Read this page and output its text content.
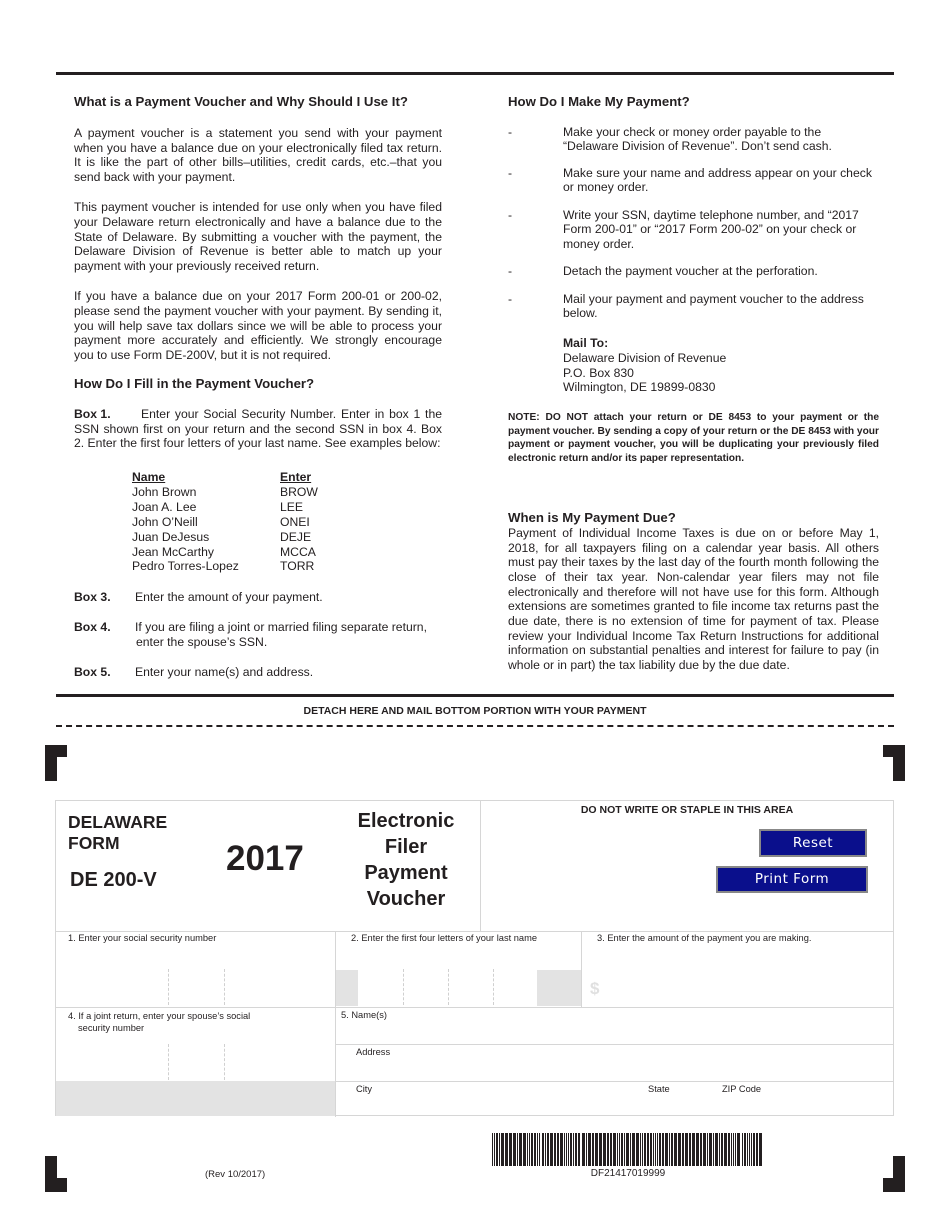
What is a Payment Voucher and Why Should I Use It?

A payment voucher is a statement you send with your payment when you have a balance due on your electronically filed tax return. It is like the part of other bills–utilities, credit cards, etc.–that you send back with your payment.

This payment voucher is intended for use only when you have filed your Delaware return electronically and have a balance due to the State of Delaware. By submitting a voucher with the payment, the Delaware Division of Revenue is better able to match up your payment with your previously received return.

If you have a balance due on your 2017 Form 200-01 or 200-02, please send the payment voucher with your payment. By sending it, you will help save tax dollars since we will be able to process your payment more accurately and efficiently. We strongly encourage you to use Form DE-200V, but it is not required.

How Do I Fill in the Payment Voucher?

Box 1. Enter your Social Security Number. Enter in box 1 the SSN shown first on your return and the second SSN in box 4. Box 2. Enter the first four letters of your last name. See examples below:

Name	Enter
John Brown	BROW
Joan A. Lee	LEE
John O’Neill	ONEI
Juan DeJesus	DEJE
Jean McCarthy	MCCA
Pedro Torres-Lopez	TORR
Box 3. Enter the amount of your payment.
Box 4. If you are filing a joint or married filing separate return,
enter the spouse’s SSN.
Box 5. Enter your name(s) and address.
How Do I Make My Payment?
-	Make your check or money order payable to the “Delaware Division of Revenue”. Don’t send cash.
-	Make sure your name and address appear on your check or money order.
-	Write your SSN, daytime telephone number, and “2017 Form 200-01” or “2017 Form 200-02” on your check or money order.
-	Detach the payment voucher at the perforation.
-	Mail your payment and payment voucher to the address below.
Mail To:
Delaware Division of Revenue
P.O. Box 830
Wilmington, DE 19899-0830
NOTE: DO NOT attach your return or DE 8453 to your payment or the payment voucher. By sending a copy of your return or the DE 8453 with your payment or payment voucher, you will be duplicating your previously filed electronic return and/or its paper representation.
When is My Payment Due?

Payment of Individual Income Taxes is due on or before May 1, 2018, for all taxpayers filing on a calendar year basis. All others must pay their taxes by the last day of the fourth month following the close of their tax year. Non-calendar year filers may not file electronically and therefore will not have use for this form. Although extensions are sometimes granted to file income tax returns past the due date, there is no extension of time for payment of tax. Please review your Individual Income Tax Return Instructions for additional information on substantial penalties and interest for failure to pay (in whole or in part) the tax liability due by the due date.

DETACH HERE AND MAIL BOTTOM PORTION WITH YOUR PAYMENT
DELAWARE
FORM
DE 200-V
2017
Electronic
Filer
Payment
Voucher
DO NOT WRITE OR STAPLE IN THIS AREA
Reset
Print Form
1. Enter your social security number	2. Enter the first four letters of your last name	3. Enter the amount of the payment you are making.
$
4. If a joint return, enter your spouse’s social
security number
5. Name(s)
Address
City	State	ZIP Code
(Rev 10/2017)	DF21417019999
